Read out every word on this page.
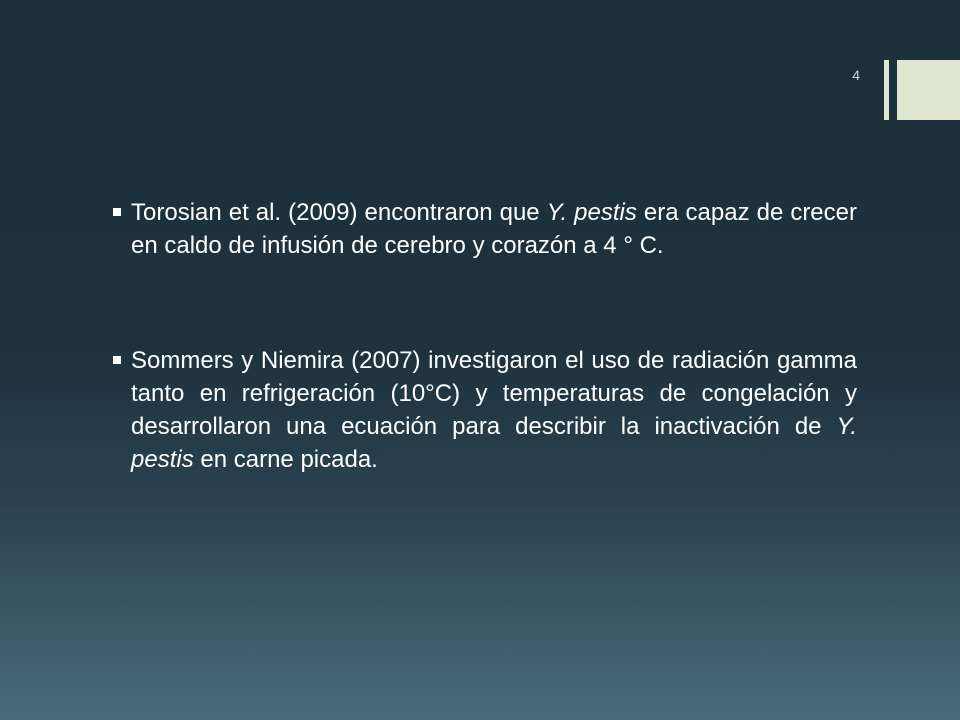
4
Torosian et al. (2009) encontraron que Y. pestis era capaz de crecer en caldo de infusión de cerebro y corazón a 4 ° C.
Sommers y Niemira (2007) investigaron el uso de radiación gamma tanto en refrigeración (10°C) y temperaturas de congelación y desarrollaron una ecuación para describir la inactivación de Y. pestis en carne picada.
